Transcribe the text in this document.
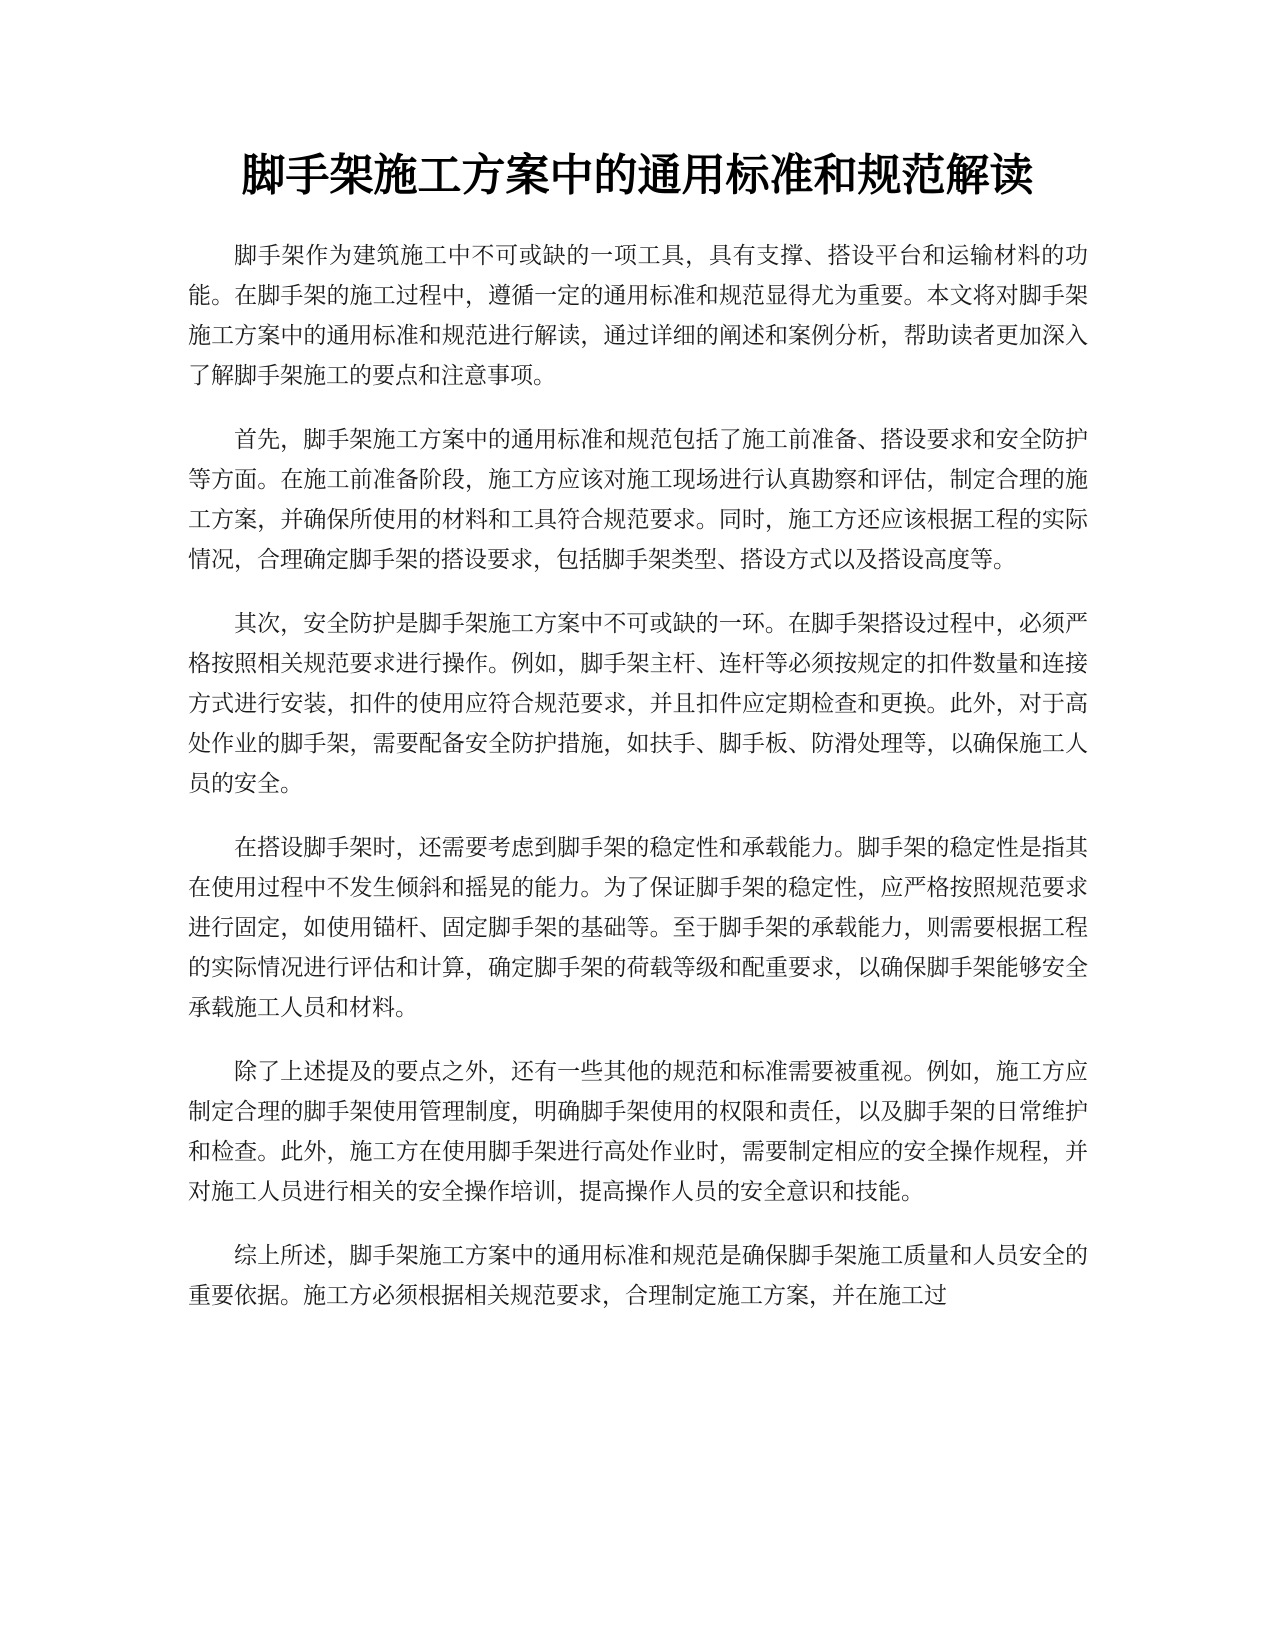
脚手架施工方案中的通用标准和规范解读

脚手架作为建筑施工中不可或缺的一项工具，具有支撑、搭设平台和运输材料的功能。在脚手架的施工过程中，遵循一定的通用标准和规范显得尤为重要。本文将对脚手架施工方案中的通用标准和规范进行解读，通过详细的阐述和案例分析，帮助读者更加深入了解脚手架施工的要点和注意事项。

首先，脚手架施工方案中的通用标准和规范包括了施工前准备、搭设要求和安全防护等方面。在施工前准备阶段，施工方应该对施工现场进行认真勘察和评估，制定合理的施工方案，并确保所使用的材料和工具符合规范要求。同时，施工方还应该根据工程的实际情况，合理确定脚手架的搭设要求，包括脚手架类型、搭设方式以及搭设高度等。

其次，安全防护是脚手架施工方案中不可或缺的一环。在脚手架搭设过程中，必须严格按照相关规范要求进行操作。例如，脚手架主杆、连杆等必须按规定的扣件数量和连接方式进行安装，扣件的使用应符合规范要求，并且扣件应定期检查和更换。此外，对于高处作业的脚手架，需要配备安全防护措施，如扶手、脚手板、防滑处理等，以确保施工人员的安全。

在搭设脚手架时，还需要考虑到脚手架的稳定性和承载能力。脚手架的稳定性是指其在使用过程中不发生倾斜和摇晃的能力。为了保证脚手架的稳定性，应严格按照规范要求进行固定，如使用锚杆、固定脚手架的基础等。至于脚手架的承载能力，则需要根据工程的实际情况进行评估和计算，确定脚手架的荷载等级和配重要求，以确保脚手架能够安全承载施工人员和材料。

除了上述提及的要点之外，还有一些其他的规范和标准需要被重视。例如，施工方应制定合理的脚手架使用管理制度，明确脚手架使用的权限和责任，以及脚手架的日常维护和检查。此外，施工方在使用脚手架进行高处作业时，需要制定相应的安全操作规程，并对施工人员进行相关的安全操作培训，提高操作人员的安全意识和技能。

综上所述，脚手架施工方案中的通用标准和规范是确保脚手架施工质量和人员安全的重要依据。施工方必须根据相关规范要求，合理制定施工方案，并在施工过
